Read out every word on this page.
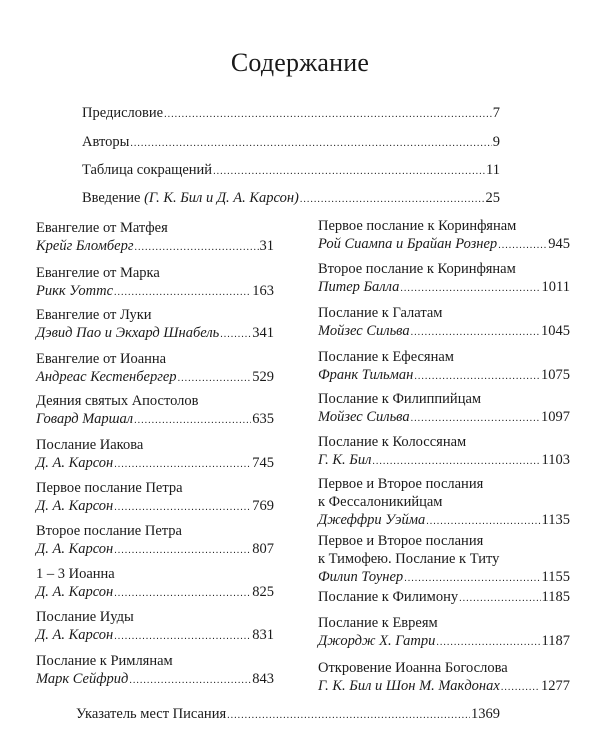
Содержание
Предисловие .....	7
Авторы .....	9
Таблица сокращений .....	11
Введение (Г. К. Бил и Д. А. Карсон) .....	25
Евангелие от Матфея
Крейг Бломберг .....	31
Евангелие от Марка
Рикк Уоттс .....	163
Евангелие от Луки
Дэвид Пао и Экхард Шнабель ..... 341
Евангелие от Иоанна
Андреас Кестенбергер .....	529
Деяния святых Апостолов
Говард Маршал .....	635
Послание Иакова
Д. А. Карсон .....	745
Первое послание Петра
Д. А. Карсон .....	769
Второе послание Петра
Д. А. Карсон .....	807
1 – 3 Иоанна
Д. А. Карсон .....	825
Послание Иуды
Д. А. Карсон .....	831
Послание к Римлянам
Марк Сейфрид .....	843
Первое послание к Коринфянам
Рой Сиампа и Брайан Рознер .....	945
Второе послание к Коринфянам
Питер Балла .....	1011
Послание к Галатам
Мойзес Сильва .....	1045
Послание к Ефесянам
Франк Тильман .....	1075
Послание к Филиппийцам
Мойзес Сильва .....	1097
Послание к Колоссянам
Г. К. Бил .....	1103
Первое и Второе послания
к Фессалоникийцам
Джеффри Уэйма .....	1135
Первое и Второе послания
к Тимофею. Послание к Титу
Филип Тоунер .....	1155
Послание к Филимону .....	1185
Послание к Евреям
Джордж Х. Гатри .....	1187
Откровение Иоанна Богослова
Г. К. Бил и Шон М. Макдонах .....	1277
Указатель мест Писания .....	1369
